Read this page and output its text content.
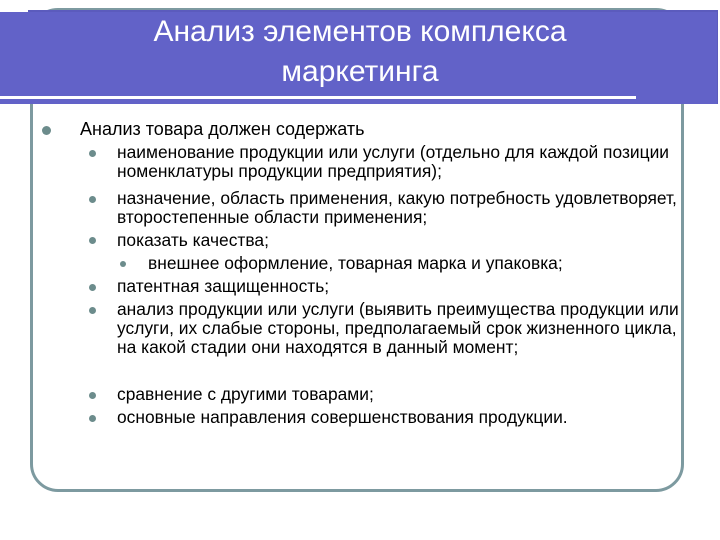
Анализ элементов комплекса
маркетинга
Анализ товара должен содержать
наименование продукции или услуги (отдельно для каждой позиции номенклатуры продукции предприятия);
назначение, область применения, какую потребность удовлетворяет, второстепенные области применения;
показать качества;
внешнее оформление, товарная марка и упаковка;
патентная защищенность;
анализ продукции или услуги (выявить преимущества продукции или услуги, их слабые стороны, предполагаемый срок жизненного цикла, на какой стадии они находятся в данный момент;
сравнение с другими товарами;
основные направления совершенствования продукции.
